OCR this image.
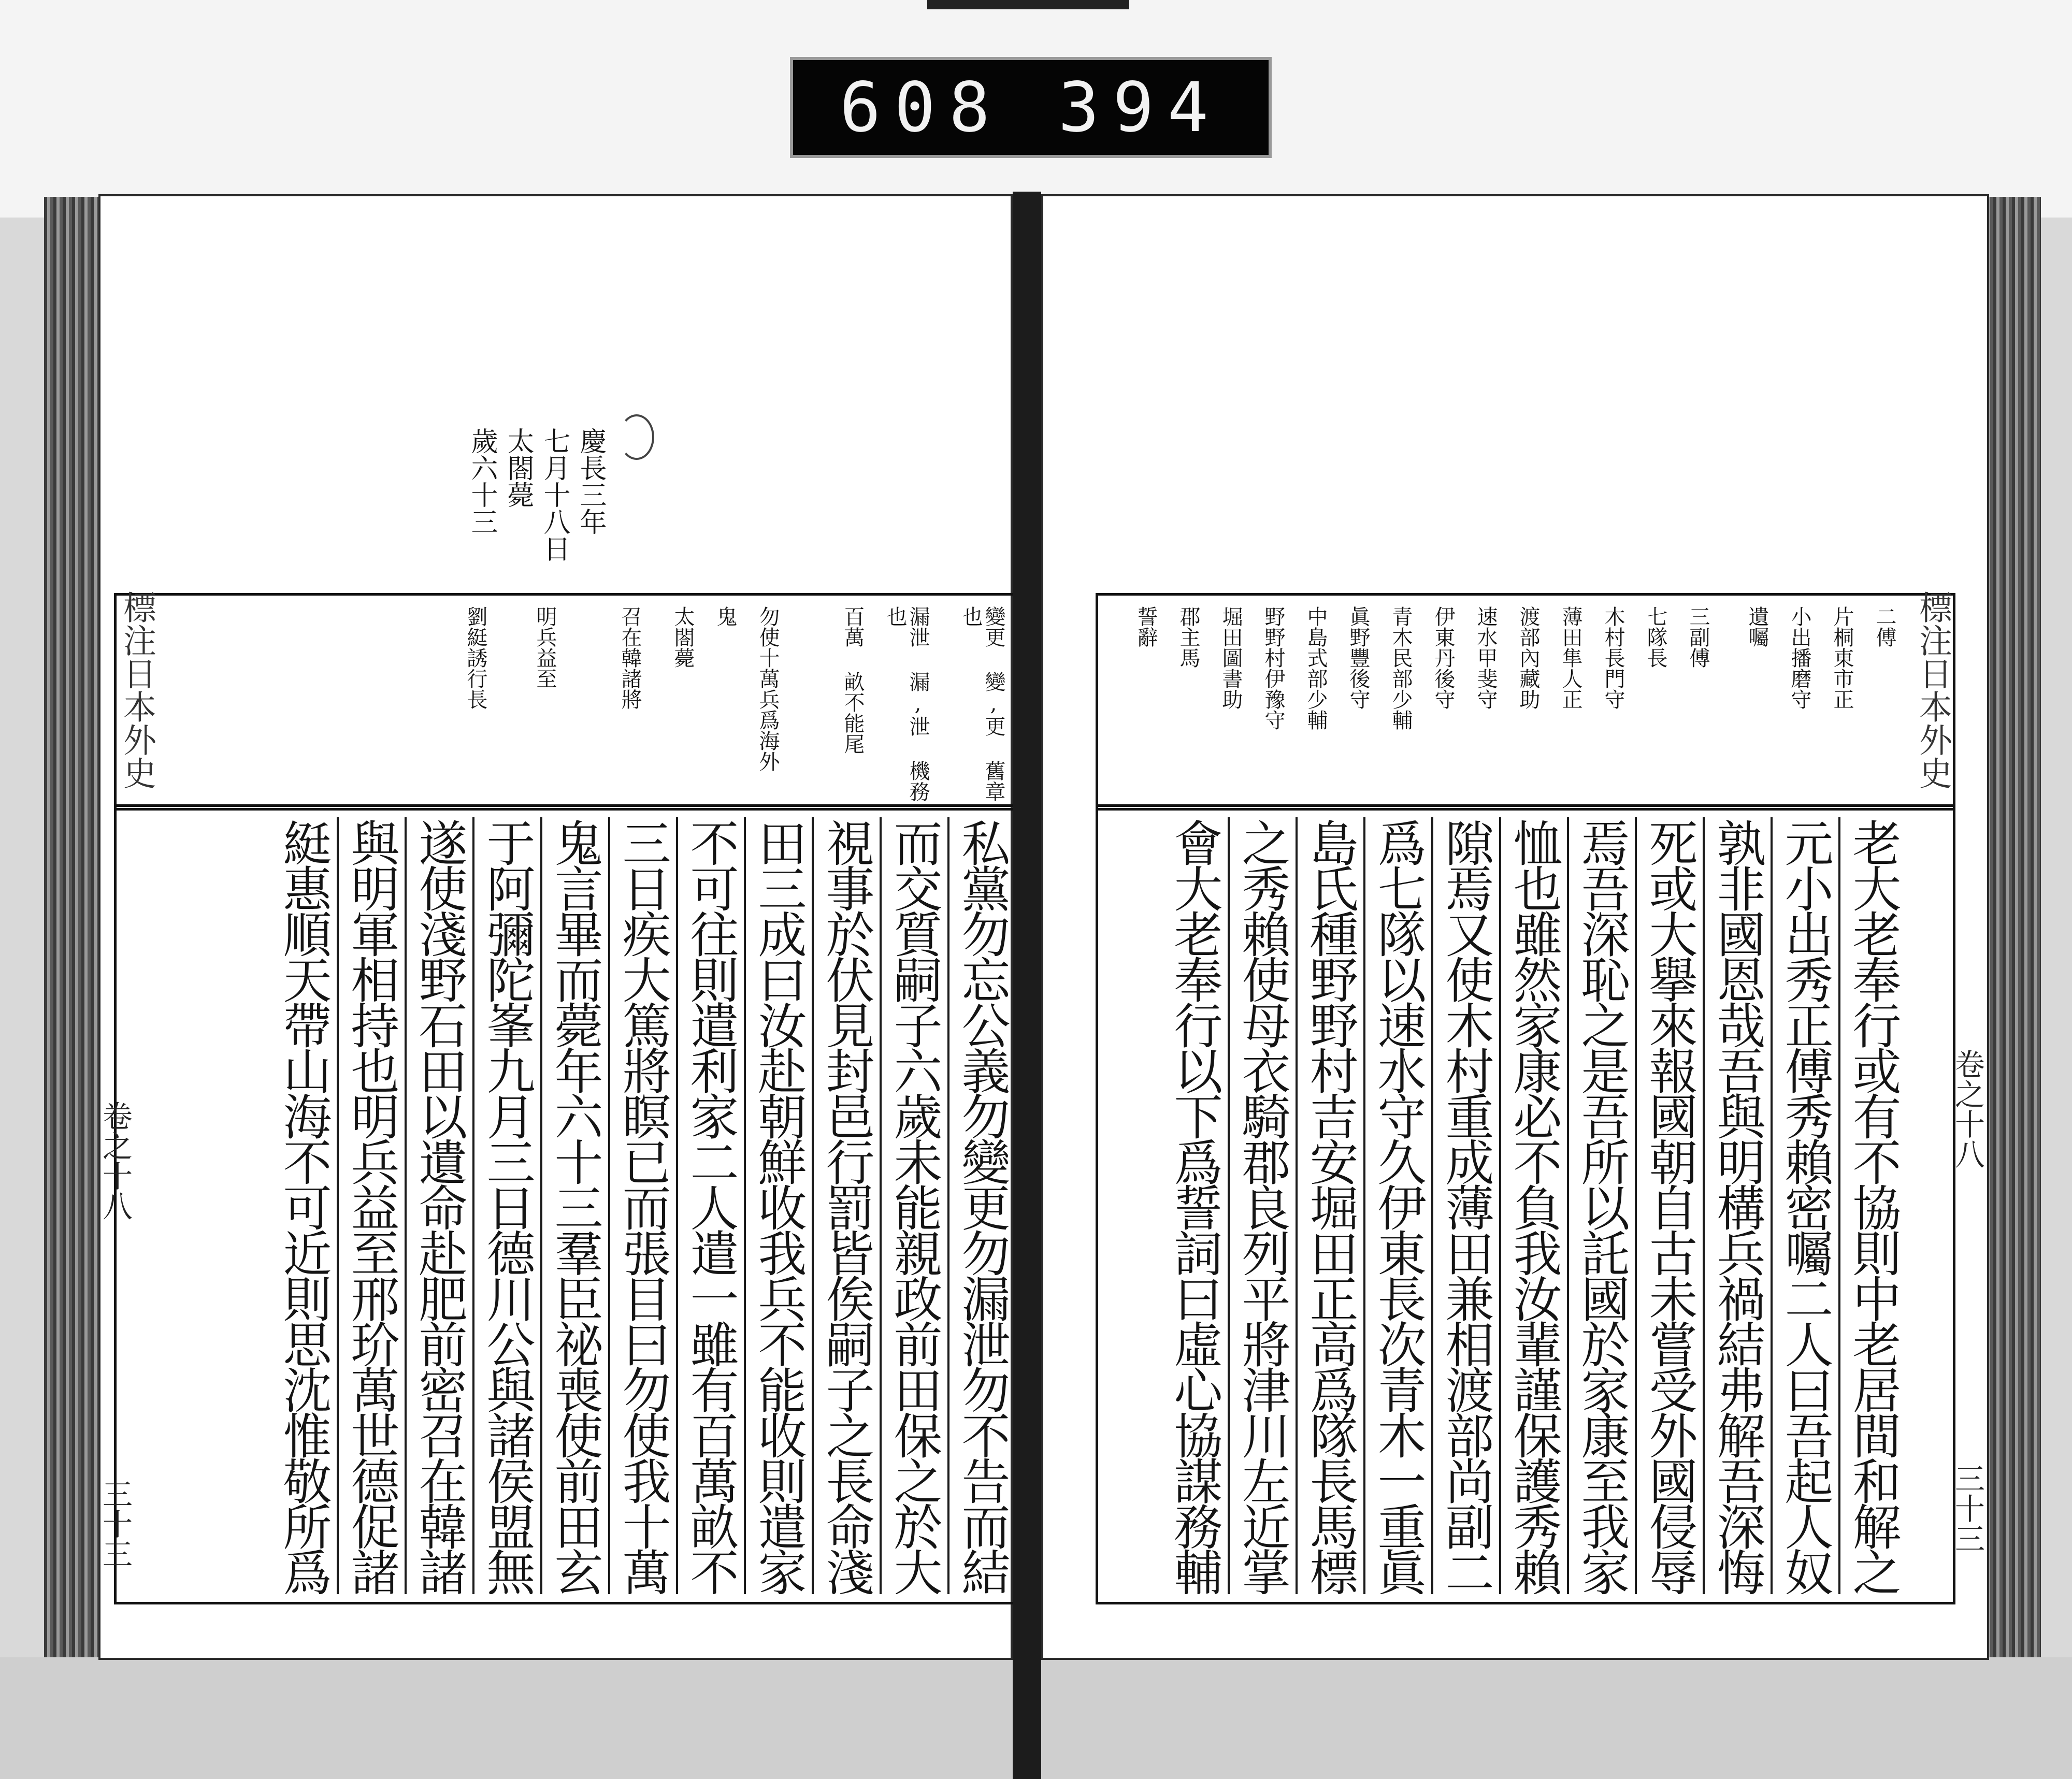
608 394
慶長三年
七月十八日
太閤薨
歲六十三
變更 變,更 舊章也
漏泄 漏,泄 機務也
百萬 畝不能尾
勿使十萬兵爲海外
鬼
太閤薨
召在韓諸將
明兵益至
劉綎誘行長
標注日本外史
私黨勿忘公義勿變更勿漏泄勿不告而結
而交質嗣子六歲未能親政前田保之於大
視事於伏見封邑行罰皆俟嗣子之長命淺
田三成曰汝赴朝鮮收我兵不能收則遣家
不可往則遣利家二人遣一雖有百萬畝不
三日疾大篤將瞑已而張目曰勿使我十萬
鬼言畢而薨年六十三羣臣祕喪使前田玄
于阿彌陀峯九月三日德川公與諸侯盟無
遂使淺野石田以遺命赴肥前密召在韓諸
與明軍相持也明兵益至邢玠萬世德促諸
綎惠順天帶山海不可近則思沈惟敬所爲
卷之十八
二傅
片桐東市正
小出播磨守
遺囑
三副傅
七隊長
木村長門守
薄田隼人正
渡部內藏助
速水甲斐守
伊東丹後守
青木民部少輔
眞野豐後守
中島式部少輔
野野村伊豫守
堀田圖書助
郡主馬
誓辭	標注日本外史
老大老奉行或有不協則中老居間和解之
元小出秀正傅秀賴密囑二人曰吾起人奴
孰非國恩哉吾與明構兵禍結弗解吾深悔
死或大擧來報國朝自古未嘗受外國侵辱
焉吾深恥之是吾所以託國於家康至我家
恤也雖然家康必不負我汝輩謹保護秀賴
隙焉又使木村重成薄田兼相渡部尚副二
爲七隊以速水守久伊東長次青木一重眞
島氏種野野村吉安堀田正高爲隊長馬標
之秀賴使母衣騎郡良列平將津川左近掌
會大老奉行以下爲誓詞曰虛心協謀務輔
卷之十八
三十三
三十三
